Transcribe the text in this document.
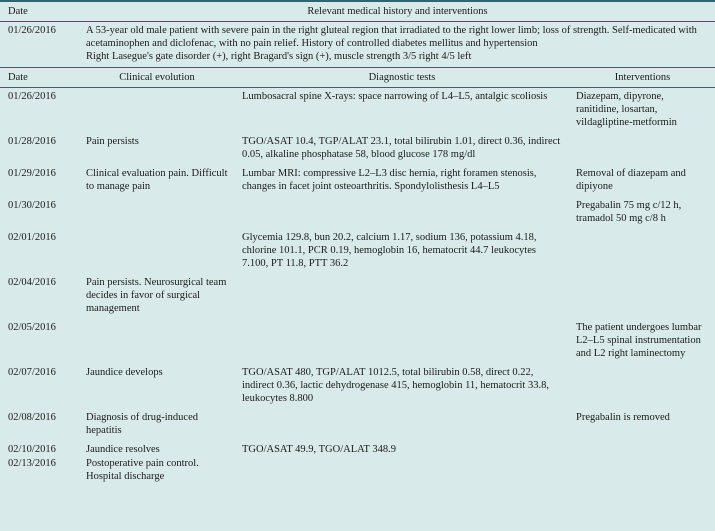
Date	Relevant medical history and interventions
01/26/2016	A 53-year old male patient with severe pain in the right gluteal region that irradiated to the right lower limb; loss of strength. Self-medicated with acetaminophen and diclofenac, with no pain relief. History of controlled diabetes mellitus and hypertension

Right Lasegue's gate disorder (+), right Bragard's sign (+), muscle strength 3/5 right 4/5 left

Date	Clinical evolution	Diagnostic tests	Interventions
01/26/2016		Lumbosacral spine X-rays: space narrowing of L4–L5, antalgic scoliosis	Diazepam, dipyrone, ranitidine, losartan, vildagliptine-metformin
01/28/2016	Pain persists	TGO/ASAT 10.4, TGP/ALAT 23.1, total bilirubin 1.01, direct 0.36, indirect 0.05, alkaline phosphatase 58, blood glucose 178 mg/dl	
01/29/2016	Clinical evaluation pain. Difficult to manage pain	Lumbar MRI: compressive L2–L3 disc hernia, right foramen stenosis, changes in facet joint osteoarthritis. Spondylolisthesis L4–L5	Removal of diazepam and dipiyone
01/30/2016			Pregabalin 75 mg c/12 h, tramadol 50 mg c/8 h
02/01/2016		Glycemia 129.8, bun 20.2, calcium 1.17, sodium 136, potassium 4.18, chlorine 101.1, PCR 0.19, hemoglobin 16, hematocrit 44.7 leukocytes 7.100, PT 11.8, PTT 36.2	
02/04/2016	Pain persists. Neurosurgical team decides in favor of surgical management		
02/05/2016			The patient undergoes lumbar L2–L5 spinal instrumentation and L2 right laminectomy
02/07/2016	Jaundice develops	TGO/ASAT 480, TGP/ALAT 1012.5, total bilirubin 0.58, direct 0.22, indirect 0.36, lactic dehydrogenase 415, hemoglobin 11, hematocrit 33.8, leukocytes 8.800	
02/08/2016	Diagnosis of drug-induced hepatitis		Pregabalin is removed
02/10/2016	Jaundice resolves	TGO/ASAT 49.9, TGO/ALAT 348.9	
02/13/2016	Postoperative pain control. Hospital discharge		
